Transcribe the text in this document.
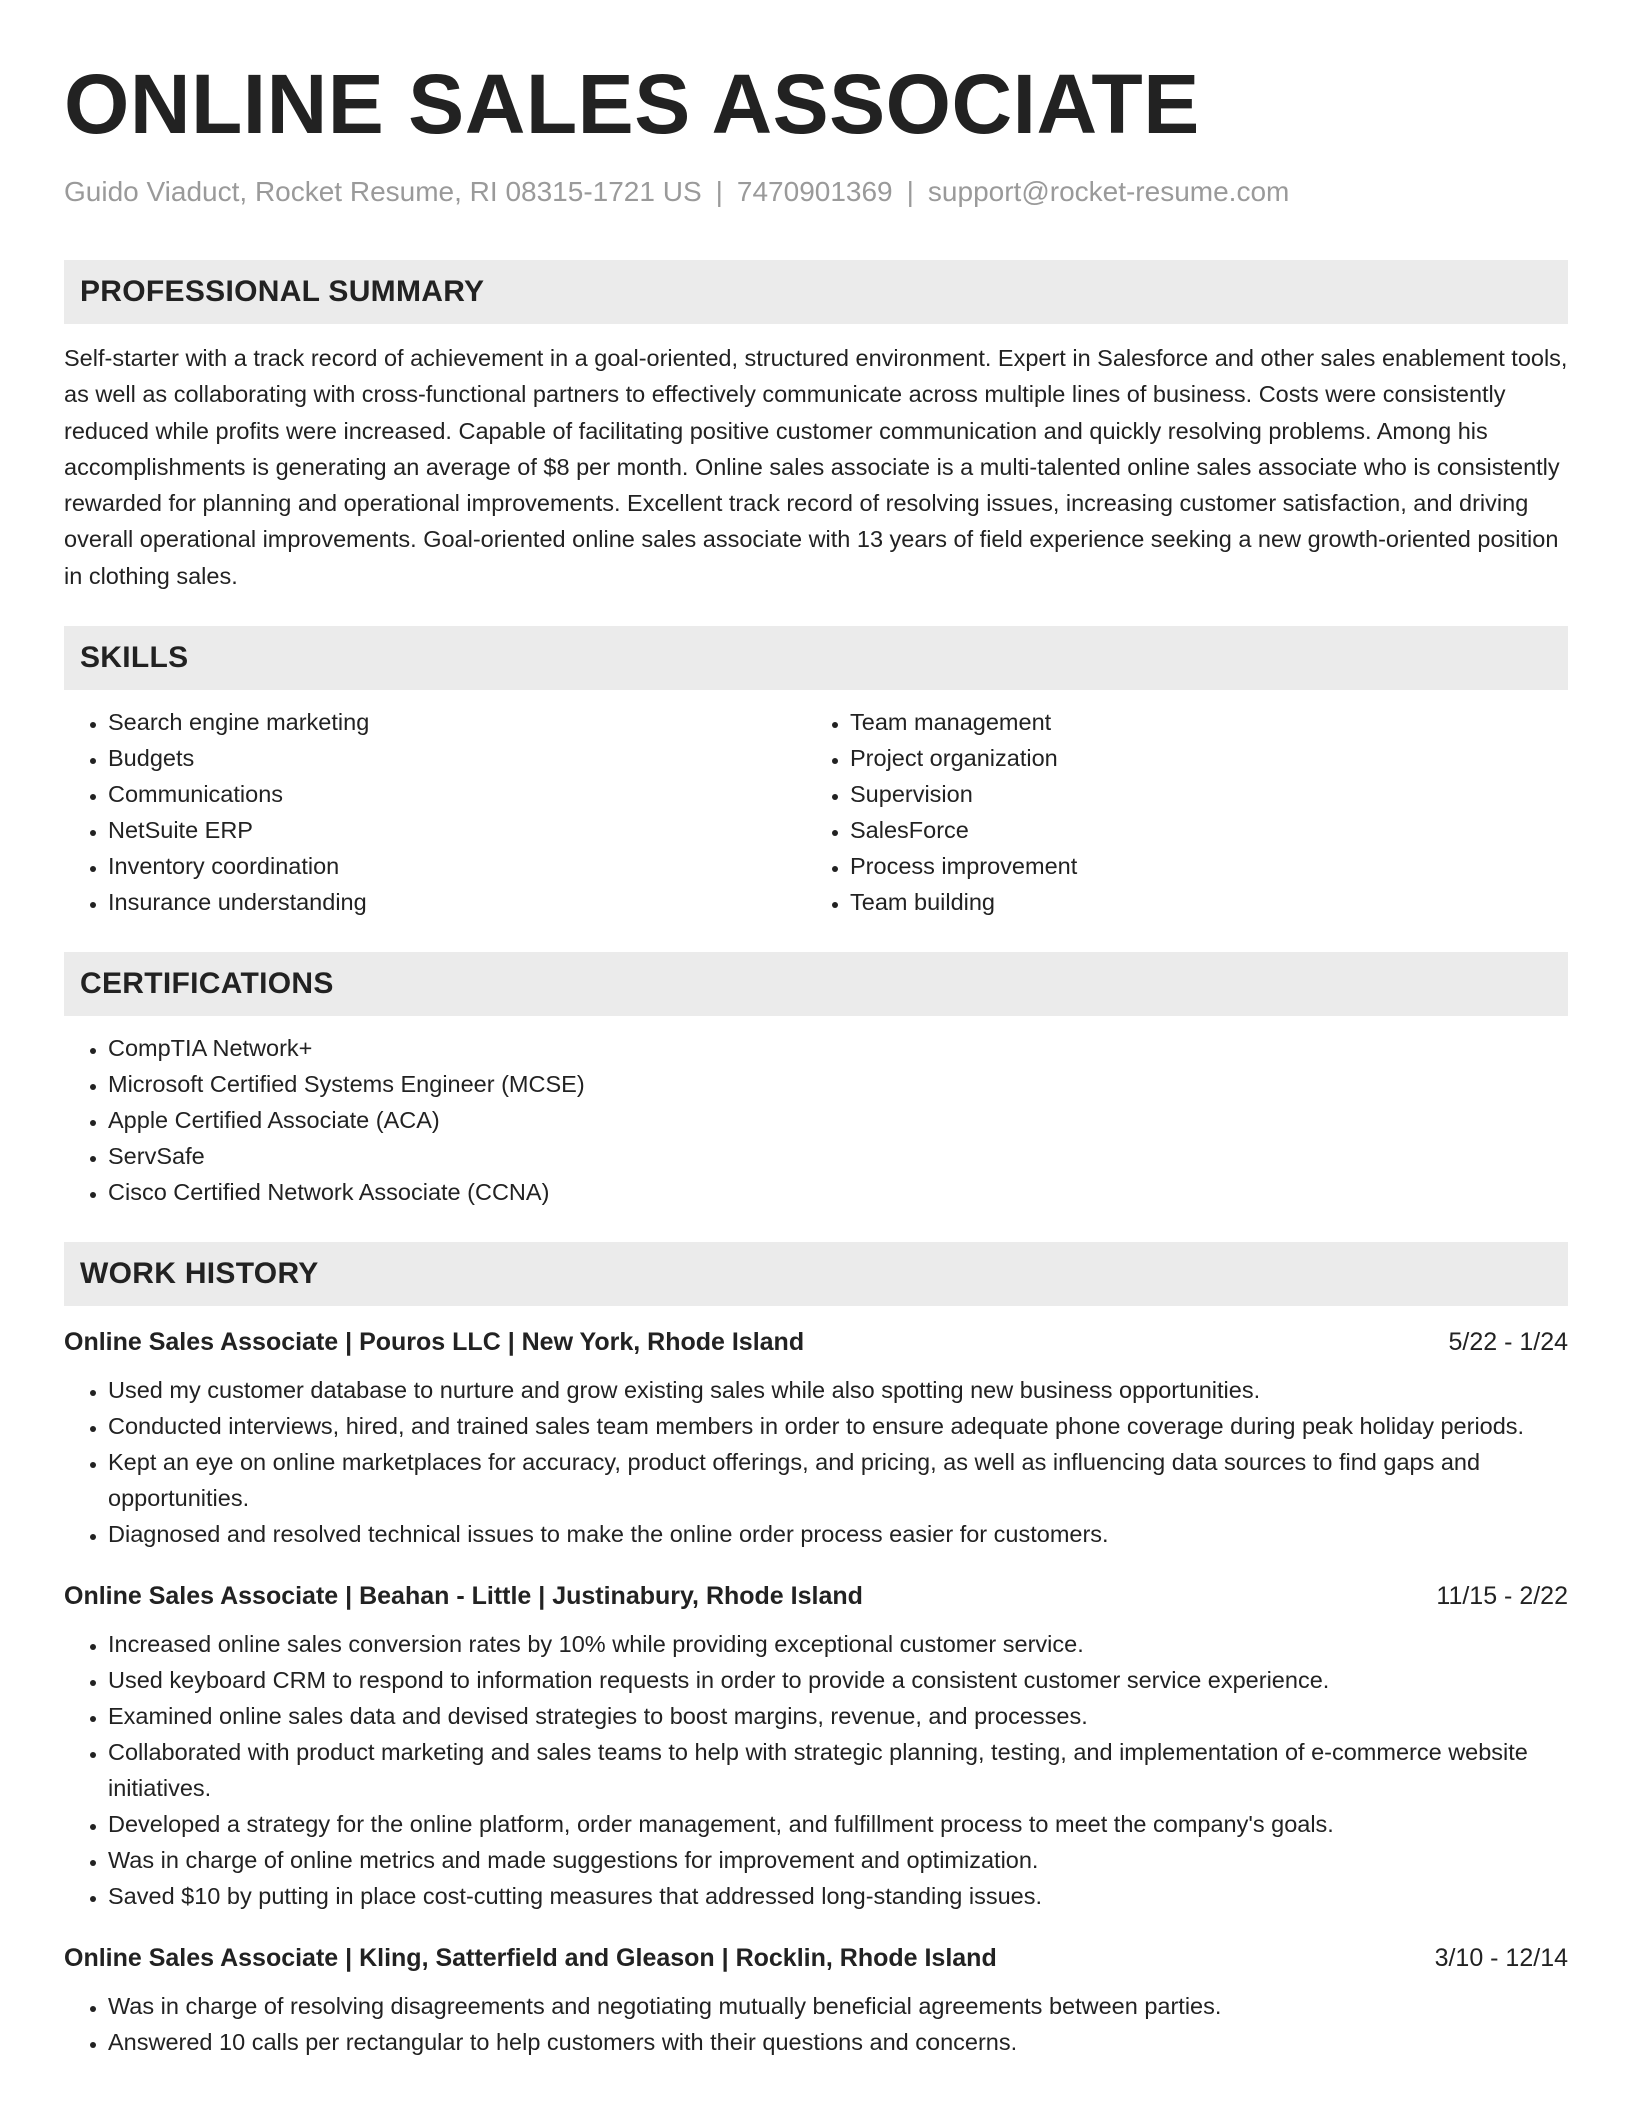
ONLINE SALES ASSOCIATE
Guido Viaduct, Rocket Resume, RI 08315-1721 US | 7470901369 | support@rocket-resume.com
PROFESSIONAL SUMMARY

Self-starter with a track record of achievement in a goal-oriented, structured environment. Expert in Salesforce and other sales enablement tools, as well as collaborating with cross-functional partners to effectively communicate across multiple lines of business. Costs were consistently reduced while profits were increased. Capable of facilitating positive customer communication and quickly resolving problems. Among his accomplishments is generating an average of $8 per month. Online sales associate is a multi-talented online sales associate who is consistently rewarded for planning and operational improvements. Excellent track record of resolving issues, increasing customer satisfaction, and driving overall operational improvements. Goal-oriented online sales associate with 13 years of field experience seeking a new growth-oriented position in clothing sales.

SKILLS
• Search engine marketing
• Budgets
• Communications
• NetSuite ERP
• Inventory coordination
• Insurance understanding
• Team management
• Project organization
• Supervision
• SalesForce
• Process improvement
• Team building
CERTIFICATIONS
• CompTIA Network+
• Microsoft Certified Systems Engineer (MCSE)
• Apple Certified Associate (ACA)
• ServSafe
• Cisco Certified Network Associate (CCNA)
WORK HISTORY
Online Sales Associate | Pouros LLC | New York, Rhode Island	5/22 - 1/24
• Used my customer database to nurture and grow existing sales while also spotting new business opportunities.
• Conducted interviews, hired, and trained sales team members in order to ensure adequate phone coverage during peak holiday periods.
• Kept an eye on online marketplaces for accuracy, product offerings, and pricing, as well as influencing data sources to find gaps and opportunities.
• Diagnosed and resolved technical issues to make the online order process easier for customers.
Online Sales Associate | Beahan - Little | Justinabury, Rhode Island	11/15 - 2/22
• Increased online sales conversion rates by 10% while providing exceptional customer service.
• Used keyboard CRM to respond to information requests in order to provide a consistent customer service experience.
• Examined online sales data and devised strategies to boost margins, revenue, and processes.
• Collaborated with product marketing and sales teams to help with strategic planning, testing, and implementation of e-commerce website initiatives.
• Developed a strategy for the online platform, order management, and fulfillment process to meet the company's goals.
• Was in charge of online metrics and made suggestions for improvement and optimization.
• Saved $10 by putting in place cost-cutting measures that addressed long-standing issues.
Online Sales Associate | Kling, Satterfield and Gleason | Rocklin, Rhode Island	3/10 - 12/14
• Was in charge of resolving disagreements and negotiating mutually beneficial agreements between parties.
• Answered 10 calls per rectangular to help customers with their questions and concerns.
